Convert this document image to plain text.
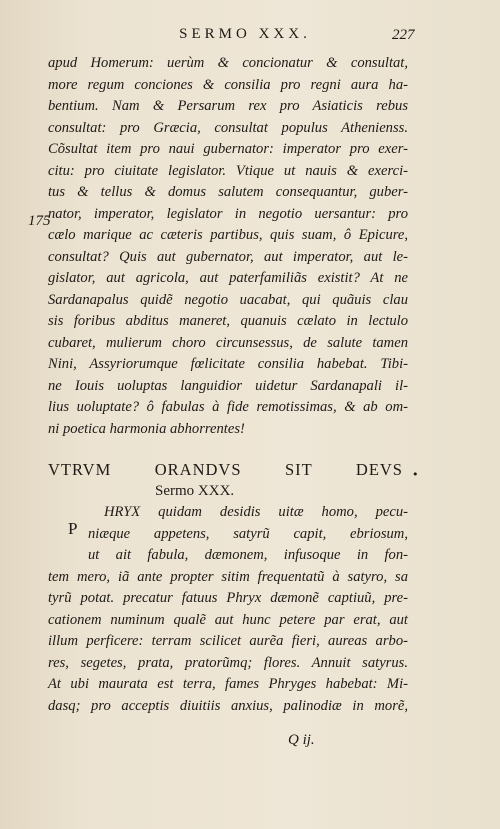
SERMO XXX.	227
175
apud Homerum: uerùm & concionatur & consultat,
more regum conciones & consilia pro regni aura ha-
bentium. Nam & Persarum rex pro Asiaticis rebus
consultat: pro Græcia, consultat populus Athenienss.
Cõsultat item pro naui gubernator: imperator pro exer-
citu: pro ciuitate legislator. Vtique ut nauis & exerci-
tus & tellus & domus salutem consequantur, guber-
nator, imperator, legislator in negotio uersantur: pro
cælo marique ac cæteris partibus, quis suam, ô Epicure,
consultat? Quis aut gubernator, aut imperator, aut le-
gislator, aut agricola, aut paterfamiliãs existit? At ne
Sardanapalus quidẽ negotio uacabat, qui quãuis clau
sis foribus abditus maneret, quanuis cælato in lectulo
cubaret, mulierum choro circunsessus, de salute tamen
Nini, Assyriorumque fœlicitate consilia habebat. Tibi-
ne Iouis uoluptas languidior uidetur Sardanapali il-
lius uoluptate? ô fabulas à fide remotissimas, & ab om-
ni poetica harmonia abhorrentes!
VTRVM ORANDVS SIT DEVS •
Sermo XXX.
P
HRYX quidam desidis uitæ homo, pecu-
niæque appetens, satyrũ capit, ebriosum,
ut ait fabula, dæmonem, infusoque in fon-
tem mero, iã ante propter sitim frequentatũ à satyro, sa
tyrũ potat. precatur fatuus Phryx dæmonẽ captiuũ, pre-
cationem numinum qualẽ aut hunc petere par erat, aut
illum perficere: terram scilicet aurẽa fieri, aureas arbo-
res, segetes, prata, pratorũmq; flores. Annuit satyrus.
At ubi maurata est terra, fames Phryges habebat: Mi-
dasq; pro acceptis diuitiis anxius, palinodiæ in morẽ,
Q ij.
